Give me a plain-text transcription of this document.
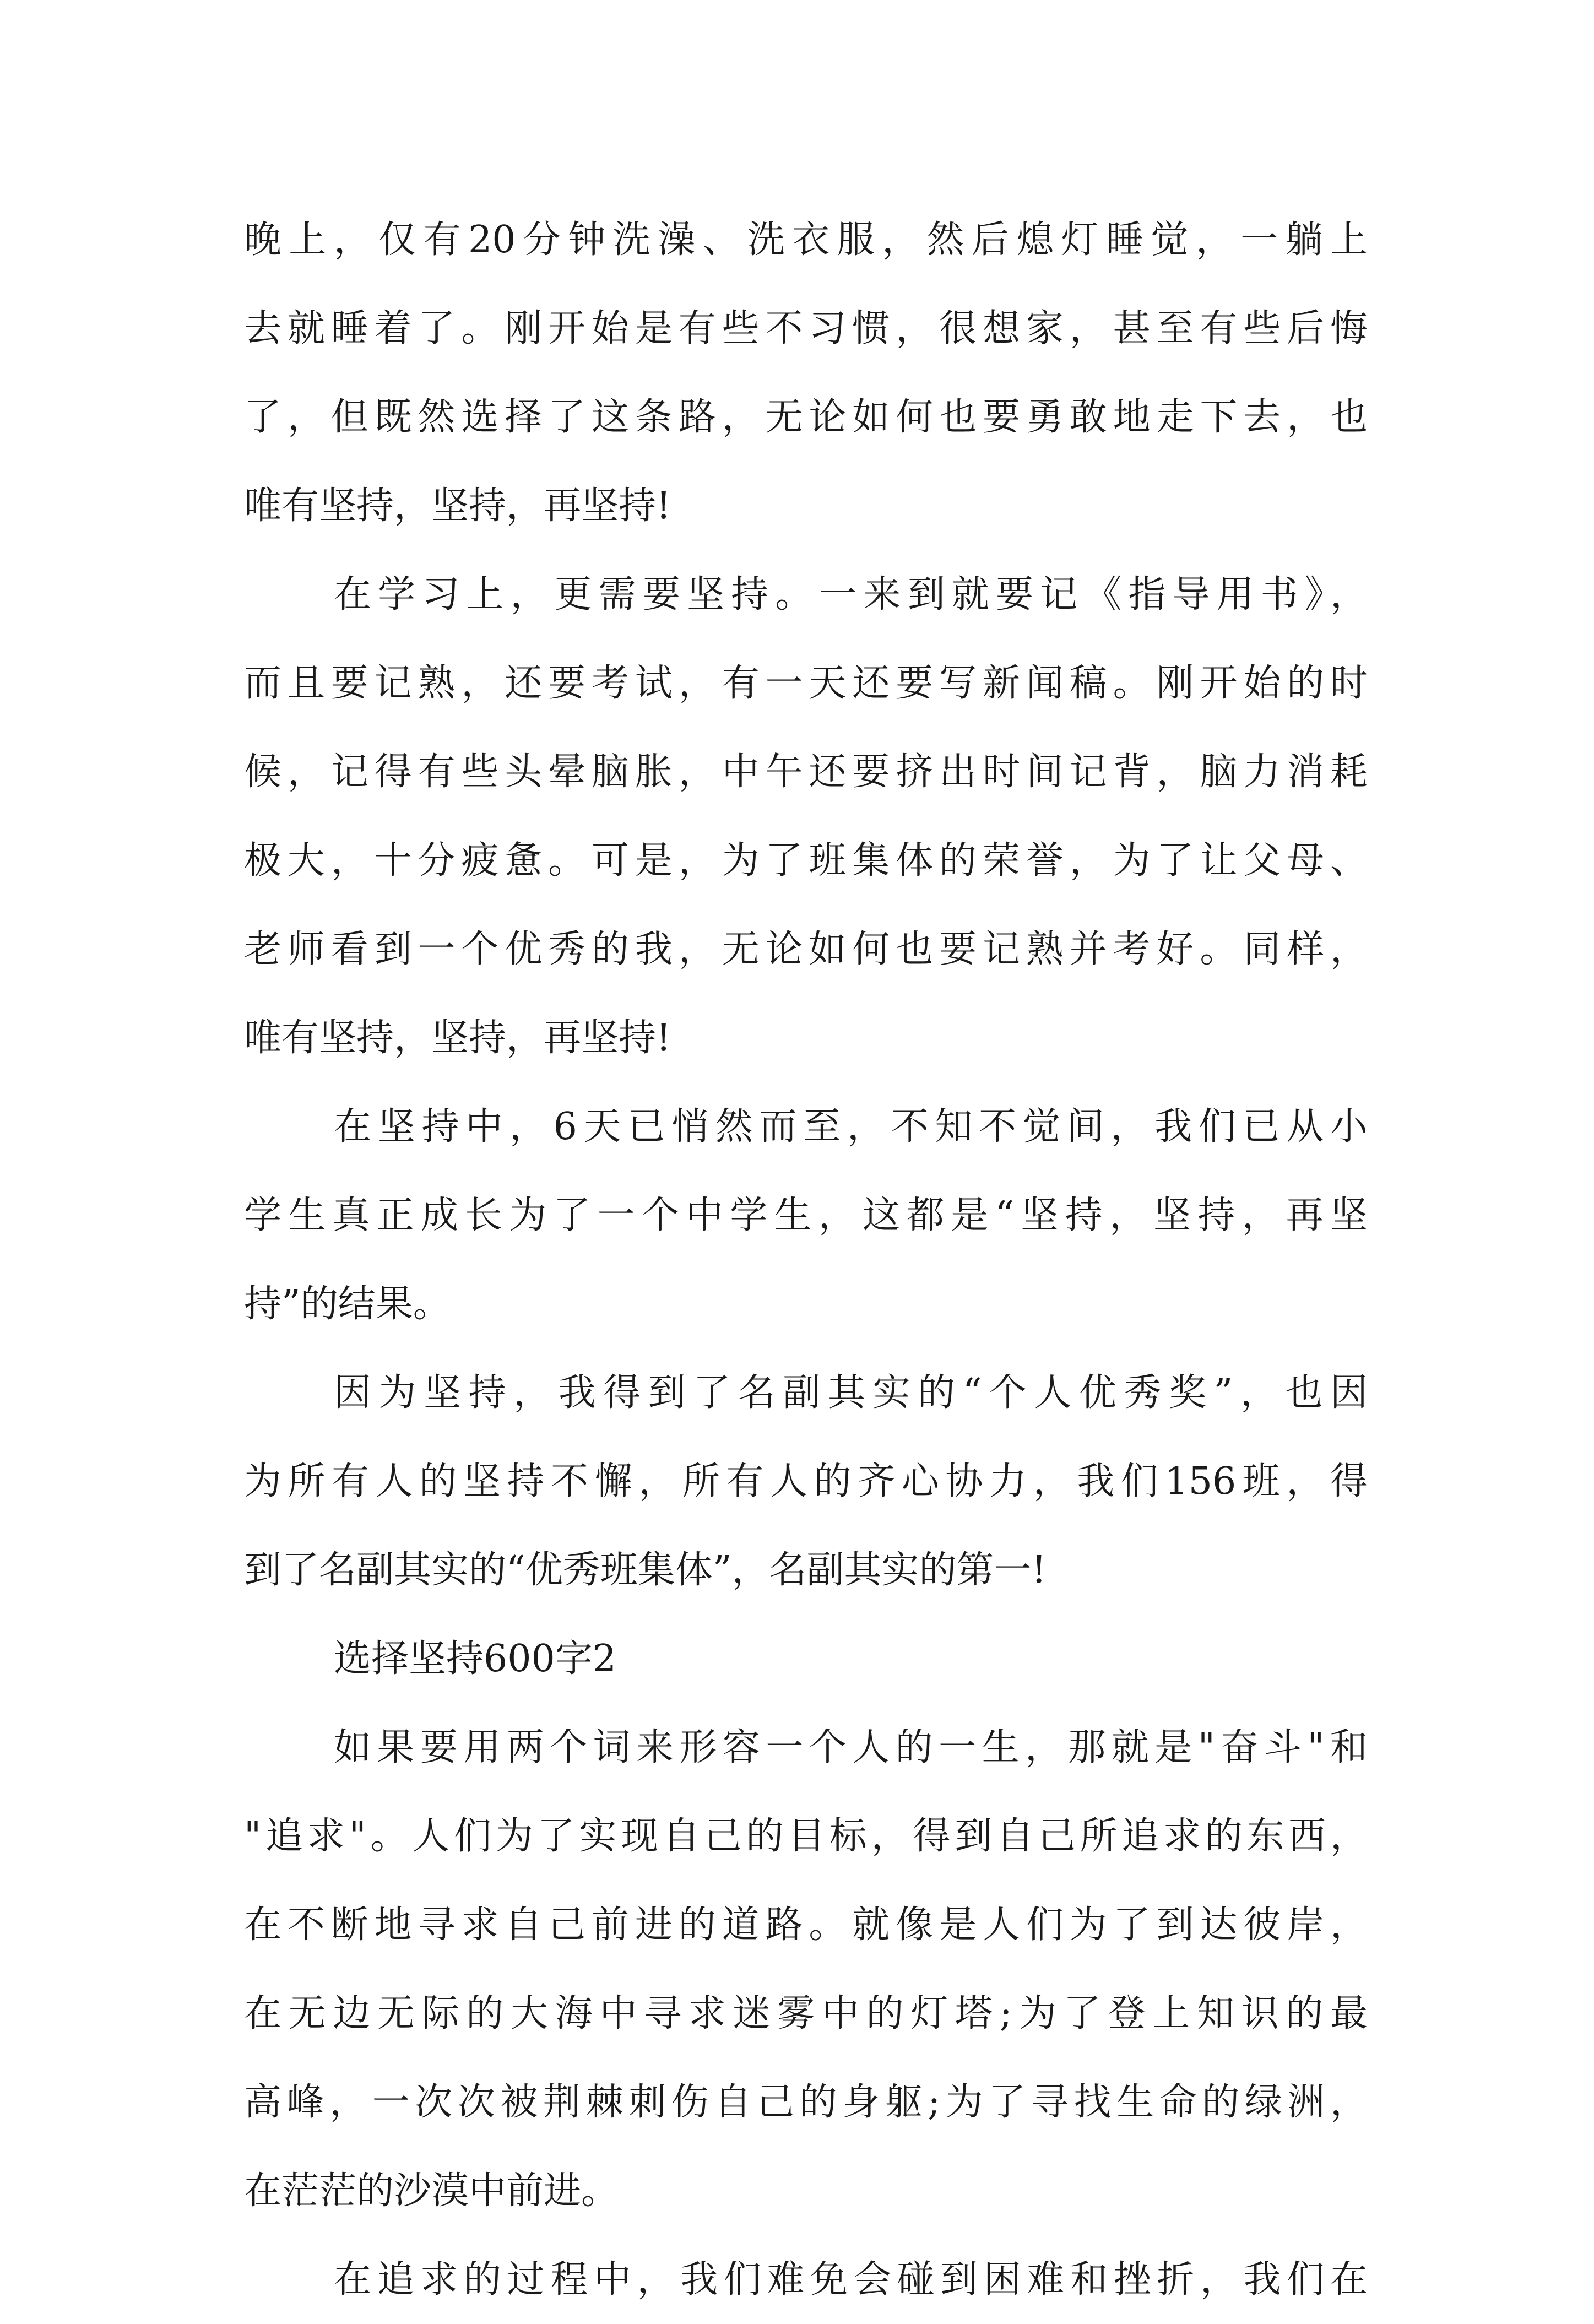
晚上，仅有20分钟洗澡、洗衣服，然后熄灯睡觉，一躺上
去就睡着了。刚开始是有些不习惯，很想家，甚至有些后悔
了，但既然选择了这条路，无论如何也要勇敢地走下去，也
唯有坚持，坚持，再坚持!
在学习上，更需要坚持。一来到就要记《指导用书》，
而且要记熟，还要考试，有一天还要写新闻稿。刚开始的时
候，记得有些头晕脑胀，中午还要挤出时间记背，脑力消耗
极大，十分疲惫。可是，为了班集体的荣誉，为了让父母、
老师看到一个优秀的我，无论如何也要记熟并考好。同样，
唯有坚持，坚持，再坚持!
在坚持中，6天已悄然而至，不知不觉间，我们已从小
学生真正成长为了一个中学生，这都是“坚持，坚持，再坚
持”的结果。
因为坚持，我得到了名副其实的“个人优秀奖”，也因
为所有人的坚持不懈，所有人的齐心协力，我们156班，得
到了名副其实的“优秀班集体”，名副其实的第一!
选择坚持600字2
如果要用两个词来形容一个人的一生，那就是"奋斗"和
"追求"。人们为了实现自己的目标，得到自己所追求的东西，
在不断地寻求自己前进的道路。就像是人们为了到达彼岸，
在无边无际的大海中寻求迷雾中的灯塔;为了登上知识的最
高峰，一次次被荆棘刺伤自己的身躯;为了寻找生命的绿洲，
在茫茫的沙漠中前进。
在追求的过程中，我们难免会碰到困难和挫折，我们在
